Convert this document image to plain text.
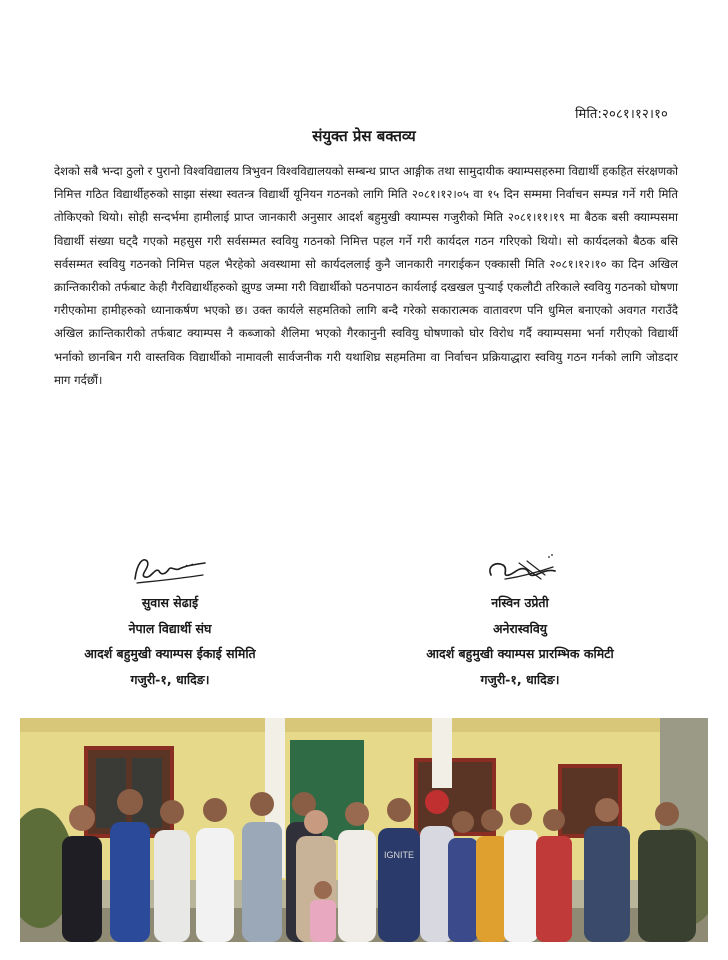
मिति:२०८१।१२।१०
संयुक्त प्रेस बक्तव्य

देशको सबै भन्दा ठुलो र पुरानो विश्वविद्यालय त्रिभुवन विश्वविद्यालयको सम्बन्ध प्राप्त आङ्गीक तथा सामुदायीक क्याम्पसहरुमा विद्यार्थी हकहित संरक्षणको निमित्त गठित विद्यार्थीहरुको साझा संस्था स्वतन्त्र विद्यार्थी यूनियन गठनको लागि मिति २०८१।१२।०५ वा १५ दिन सम्ममा निर्वाचन सम्पन्न गर्ने गरी मिति तोकिएको थियो। सोही सन्दर्भमा हामीलाई प्राप्त जानकारी अनुसार आदर्श बहुमुखी क्याम्पस गजुरीको मिति २०८१।११।१९ मा बैठक बसी क्याम्पसमा विद्यार्थी संख्या घट्दै गएको महसुस गरी सर्वसम्मत स्ववियु गठनको निमित्त पहल गर्ने गरी कार्यदल गठन गरिएको थियो। सो कार्यदलको बैठक बसि सर्वसम्मत स्ववियु गठनको निमित्त पहल भैरहेको अवस्थामा सो कार्यदललाई कुनै जानकारी नगराईकन एक्कासी मिति २०८१।१२।१० का दिन अखिल क्रान्तिकारीको तर्फबाट केही गैरविद्यार्थीहरुको झुण्ड जम्मा गरी विद्यार्थीको पठनपाठन कार्यलाई दखखल पुऱ्याई एकलौटी तरिकाले स्ववियु गठनको घोषणा गरीएकोमा हामीहरुको ध्यानाकर्षण भएको छ। उक्त कार्यले सहमतिको लागि बन्दै गरेको सकारात्मक वातावरण पनि धुमिल बनाएको अवगत गराउँदै अखिल क्रान्तिकारीको तर्फबाट क्याम्पस नै कब्जाको शैलिमा भएको गैरकानुनी स्ववियु घोषणाको घोर विरोध गर्दै क्याम्पसमा भर्ना गरीएको विद्यार्थी भर्नाको छानबिन गरी वास्तविक विद्यार्थीको नामावली सार्वजनीक गरी यथाशिघ्र सहमतिमा वा निर्वाचन प्रक्रियाद्धारा स्ववियु गठन गर्नको लागि जोडदार माग गर्दछौं।

सुवास सेढाई
नेपाल विद्यार्थी संघ
आदर्श बहुमुखी क्याम्पस ईकाई समिति
गजुरी-१, धादिङ।
नस्विन उप्रेती
अनेरास्ववियु
आदर्श बहुमुखी क्याम्पस प्रारम्भिक कमिटी
गजुरी-१, धादिङ।
IGNITE
